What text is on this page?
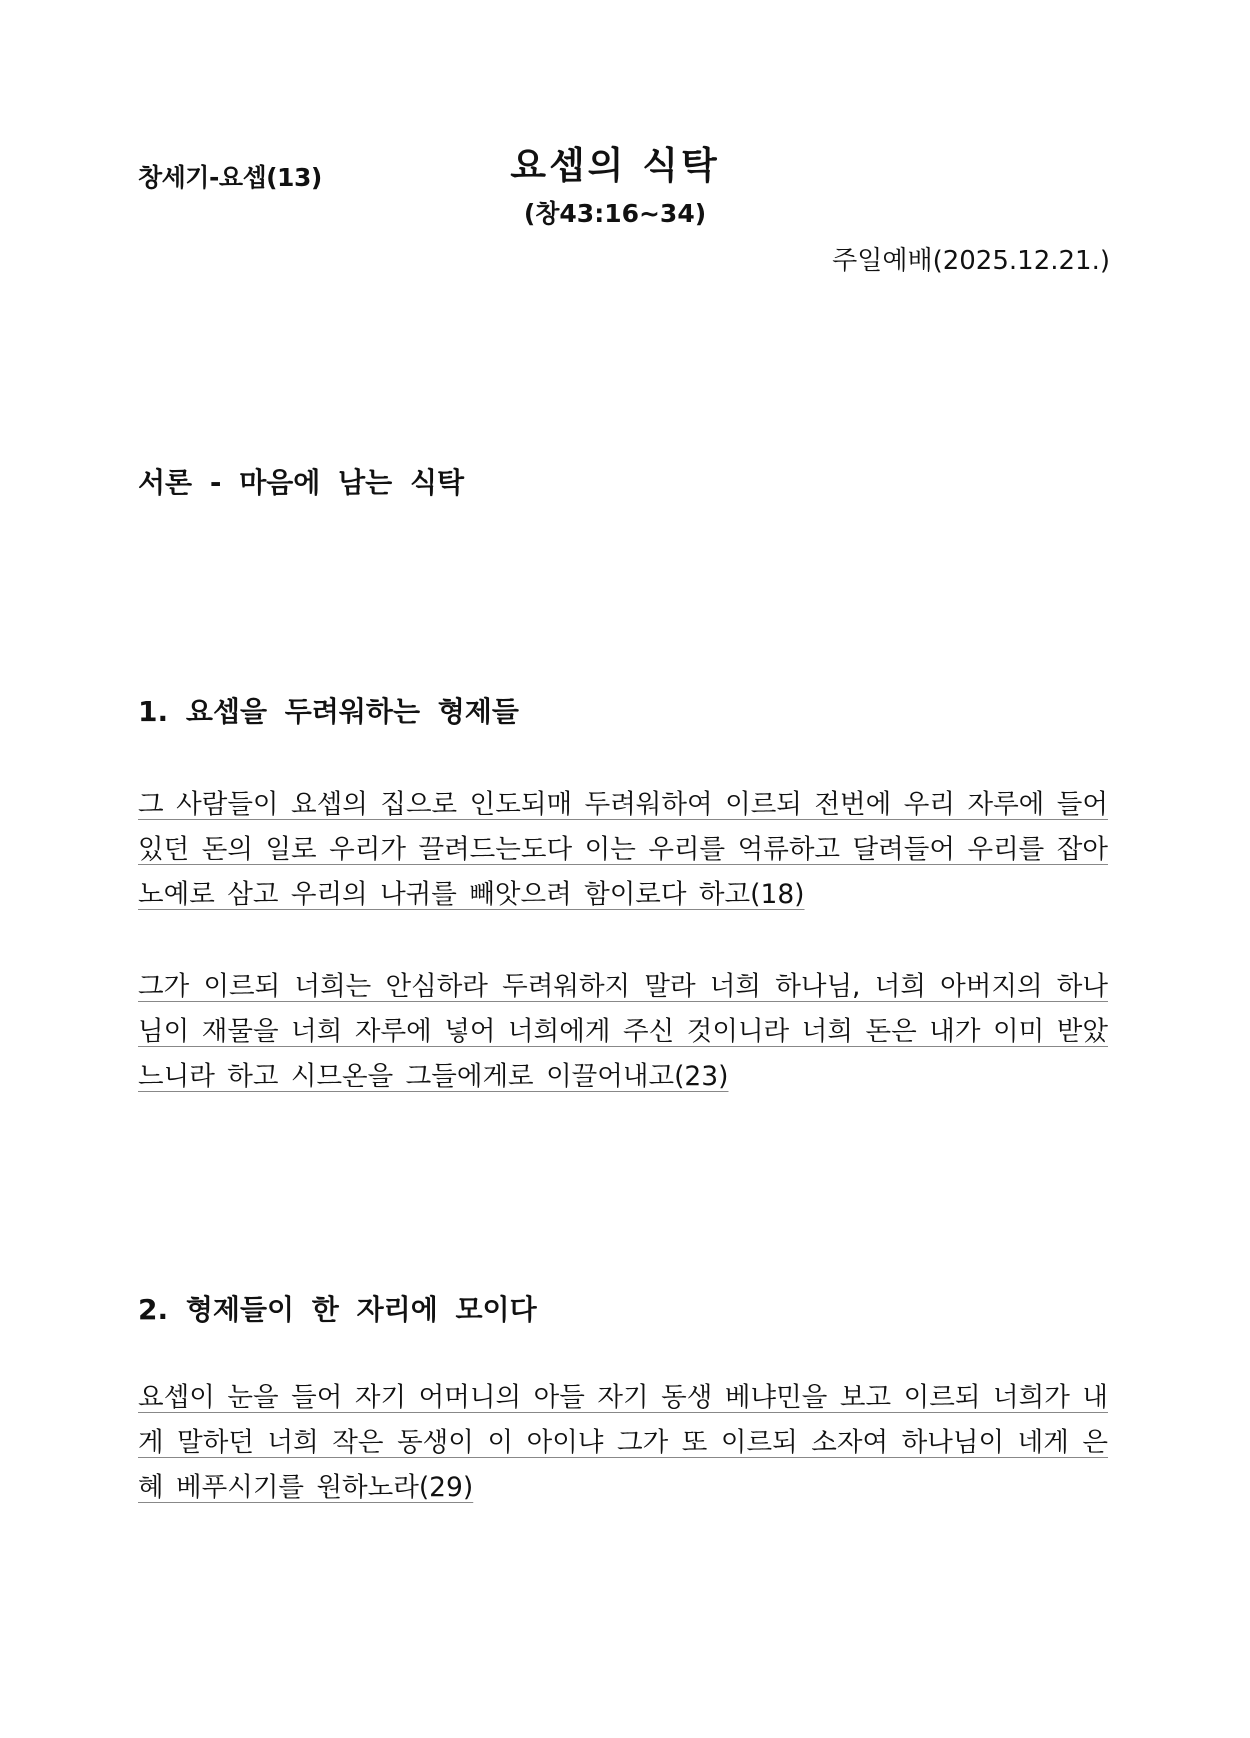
창세기-요셉(13)	요셉의 식탁
(창43:16~34)
주일예배(2025.12.21.)
서론 - 마음에 남는 식탁
1. 요셉을 두려워하는 형제들
그 사람들이 요셉의 집으로 인도되매 두려워하여 이르되 전번에 우리 자루에 들어 있던 돈의 일로 우리가 끌려드는도다 이는 우리를 억류하고 달려들어 우리를 잡아 노예로 삼고 우리의 나귀를 빼앗으려 함이로다 하고(18)
그가 이르되 너희는 안심하라 두려워하지 말라 너희 하나님, 너희 아버지의 하나님이 재물을 너희 자루에 넣어 너희에게 주신 것이니라 너희 돈은 내가 이미 받았느니라 하고 시므온을 그들에게로 이끌어내고(23)
2. 형제들이 한 자리에 모이다
요셉이 눈을 들어 자기 어머니의 아들 자기 동생 베냐민을 보고 이르되 너희가 내게 말하던 너희 작은 동생이 이 아이냐 그가 또 이르되 소자여 하나님이 네게 은혜 베푸시기를 원하노라(29)
